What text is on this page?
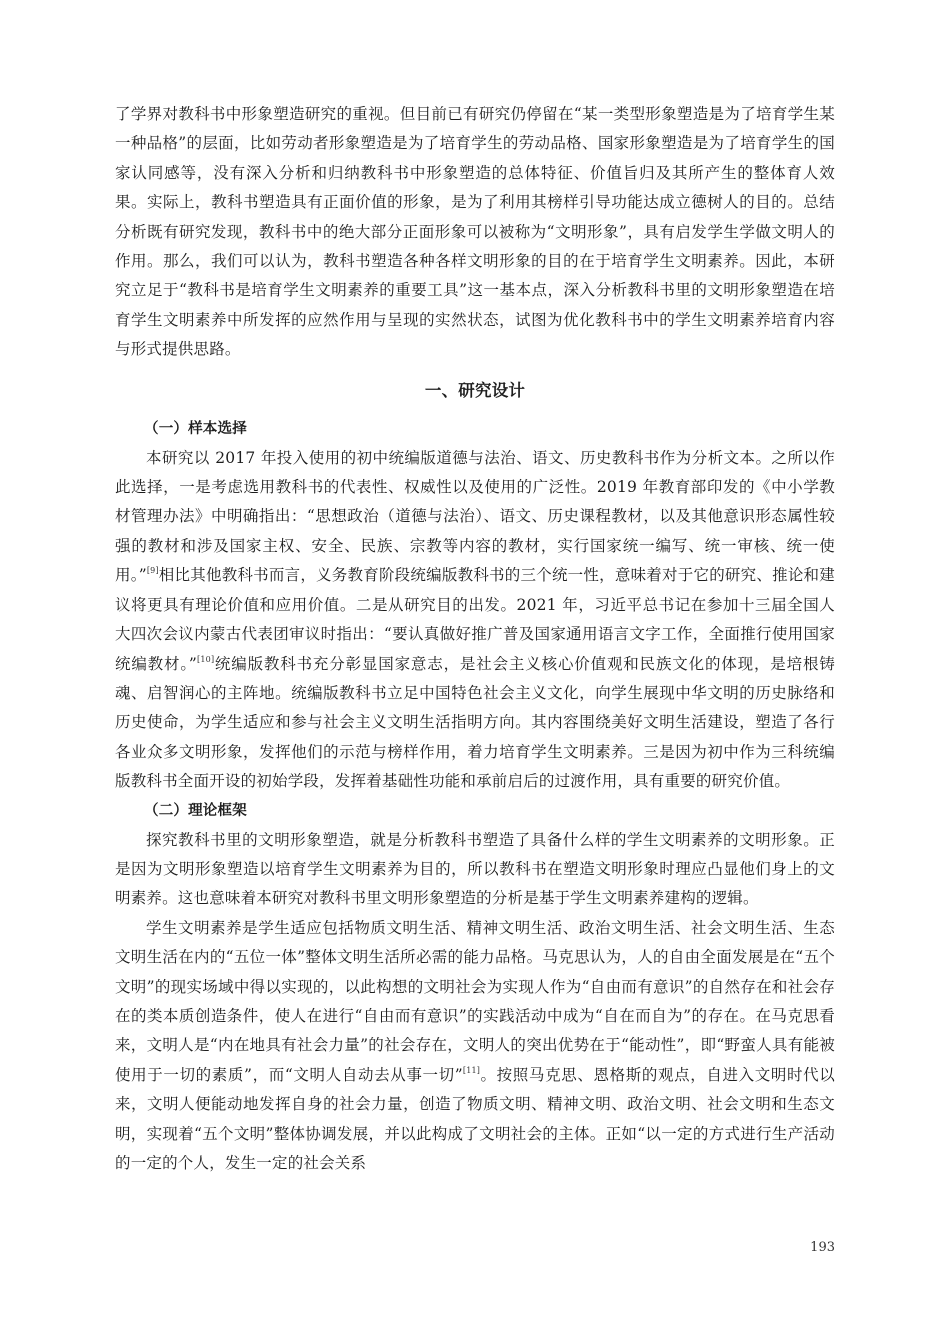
了学界对教科书中形象塑造研究的重视。但目前已有研究仍停留在“某一类型形象塑造是为了培育学生某一种品格”的层面，比如劳动者形象塑造是为了培育学生的劳动品格、国家形象塑造是为了培育学生的国家认同感等，没有深入分析和归纳教科书中形象塑造的总体特征、价值旨归及其所产生的整体育人效果。实际上，教科书塑造具有正面价值的形象，是为了利用其榜样引导功能达成立德树人的目的。总结分析既有研究发现，教科书中的绝大部分正面形象可以被称为“文明形象”，具有启发学生学做文明人的作用。那么，我们可以认为，教科书塑造各种各样文明形象的目的在于培育学生文明素养。因此，本研究立足于“教科书是培育学生文明素养的重要工具”这一基本点，深入分析教科书里的文明形象塑造在培育学生文明素养中所发挥的应然作用与呈现的实然状态，试图为优化教科书中的学生文明素养培育内容与形式提供思路。

一、研究设计
（一）样本选择

本研究以 2017 年投入使用的初中统编版道德与法治、语文、历史教科书作为分析文本。之所以作此选择，一是考虑选用教科书的代表性、权威性以及使用的广泛性。2019 年教育部印发的《中小学教材管理办法》中明确指出：“思想政治（道德与法治）、语文、历史课程教材，以及其他意识形态属性较强的教材和涉及国家主权、安全、民族、宗教等内容的教材，实行国家统一编写、统一审核、统一使用。”[9]相比其他教科书而言，义务教育阶段统编版教科书的三个统一性，意味着对于它的研究、推论和建议将更具有理论价值和应用价值。二是从研究目的出发。2021 年，习近平总书记在参加十三届全国人大四次会议内蒙古代表团审议时指出：“要认真做好推广普及国家通用语言文字工作，全面推行使用国家统编教材。”[10]统编版教科书充分彰显国家意志，是社会主义核心价值观和民族文化的体现，是培根铸魂、启智润心的主阵地。统编版教科书立足中国特色社会主义文化，向学生展现中华文明的历史脉络和历史使命，为学生适应和参与社会主义文明生活指明方向。其内容围绕美好文明生活建设，塑造了各行各业众多文明形象，发挥他们的示范与榜样作用，着力培育学生文明素养。三是因为初中作为三科统编版教科书全面开设的初始学段，发挥着基础性功能和承前启后的过渡作用，具有重要的研究价值。

（二）理论框架

探究教科书里的文明形象塑造，就是分析教科书塑造了具备什么样的学生文明素养的文明形象。正是因为文明形象塑造以培育学生文明素养为目的，所以教科书在塑造文明形象时理应凸显他们身上的文明素养。这也意味着本研究对教科书里文明形象塑造的分析是基于学生文明素养建构的逻辑。

学生文明素养是学生适应包括物质文明生活、精神文明生活、政治文明生活、社会文明生活、生态文明生活在内的“五位一体”整体文明生活所必需的能力品格。马克思认为，人的自由全面发展是在“五个文明”的现实场域中得以实现的，以此构想的文明社会为实现人作为“自由而有意识”的自然存在和社会存在的类本质创造条件，使人在进行“自由而有意识”的实践活动中成为“自在而自为”的存在。在马克思看来，文明人是“内在地具有社会力量”的社会存在，文明人的突出优势在于“能动性”，即“野蛮人具有能被使用于一切的素质”，而“文明人自动去从事一切”[11]。按照马克思、恩格斯的观点，自进入文明时代以来，文明人便能动地发挥自身的社会力量，创造了物质文明、精神文明、政治文明、社会文明和生态文明，实现着“五个文明”整体协调发展，并以此构成了文明社会的主体。正如“以一定的方式进行生产活动的一定的个人，发生一定的社会关系

193
